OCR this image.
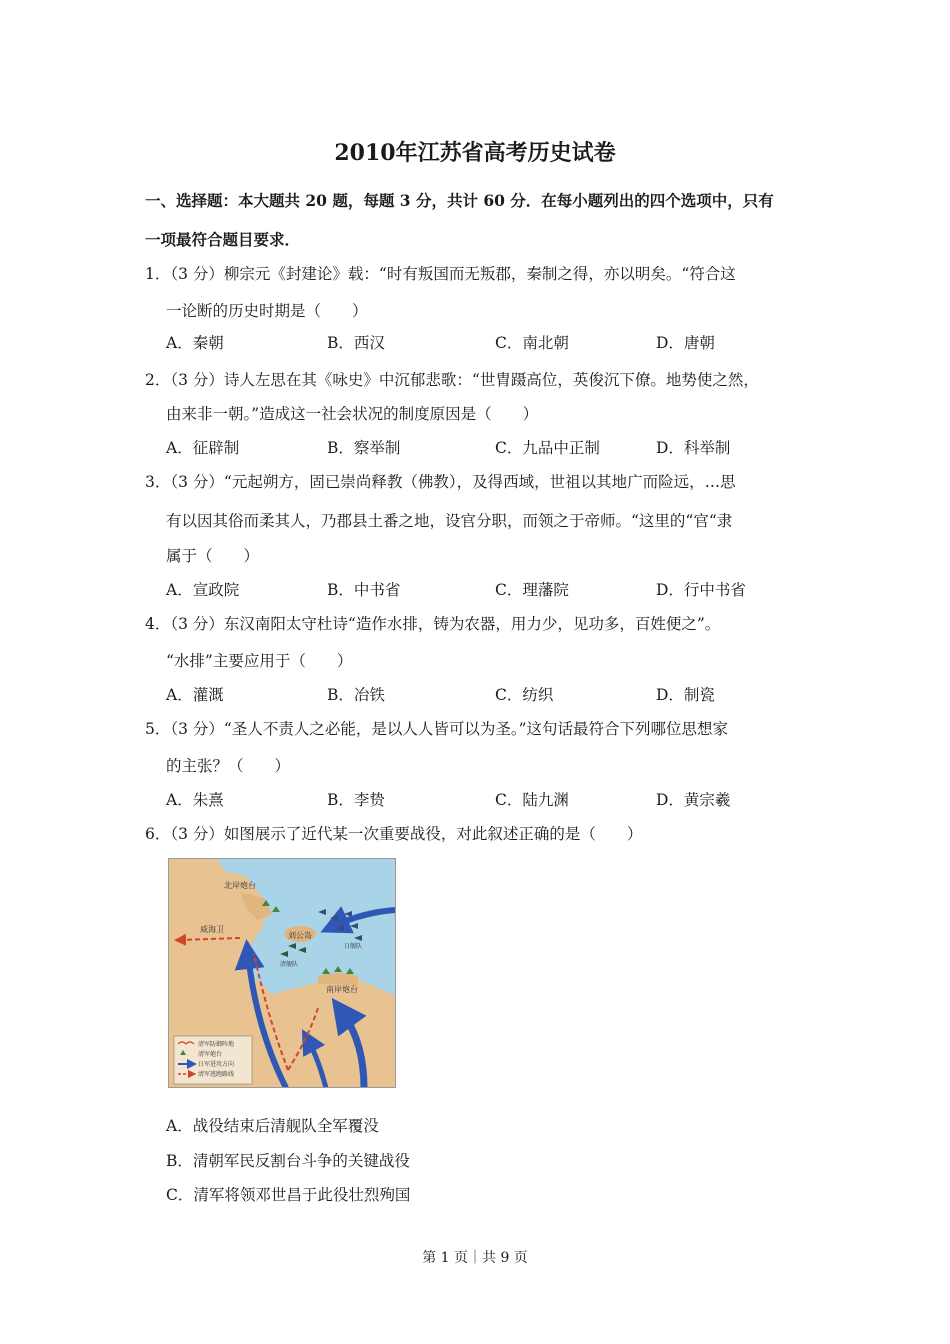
2010年江苏省高考历史试卷
一、选择题：本大题共 20 题，每题 3 分，共计 60 分．在每小题列出的四个选项中，只有
一项最符合题目要求．
1．（3 分）柳宗元《封建论》载：“时有叛国而无叛郡，秦制之得，亦以明矣。“符合这
一论断的历史时期是（　　）
A．秦朝	B．西汉	C．南北朝	D．唐朝
2．（3 分）诗人左思在其《咏史》中沉郁悲歌：“世胄蹑高位，英俊沉下僚。地势使之然，
由来非一朝。”造成这一社会状况的制度原因是（　　）
A．征辟制	B．察举制	C．九品中正制	D．科举制
3．（3 分）“元起朔方，固已崇尚释教（佛教），及得西域，世祖以其地广而险远，…思
有以因其俗而柔其人，乃郡县土番之地，设官分职，而领之于帝师。“这里的“官“隶
属于（　　）
A．宣政院	B．中书省	C．理藩院	D．行中书省
4．（3 分）东汉南阳太守杜诗“造作水排，铸为农器，用力少，见功多，百姓便之”。
“水排”主要应用于（　　）
A．灌溉	B．冶铁	C．纺织	D．制瓷
5．（3 分）“圣人不责人之必能，是以人人皆可以为圣。”这句话最符合下列哪位思想家
的主张？（　　）
A．朱熹	B．李贽	C．陆九渊	D．黄宗羲
6．（3 分）如图展示了近代某一次重要战役，对此叙述正确的是（　　）
北岸炮台
威海卫
刘公岛
日舰队
清舰队
南岸炮台
清军防御阵地
清军炮台
日军进攻方向
清军逃跑路线
A．战役结束后清舰队全军覆没
B．清朝军民反割台斗争的关键战役
C．清军将领邓世昌于此役壮烈殉国
第 1 页｜共 9 页
